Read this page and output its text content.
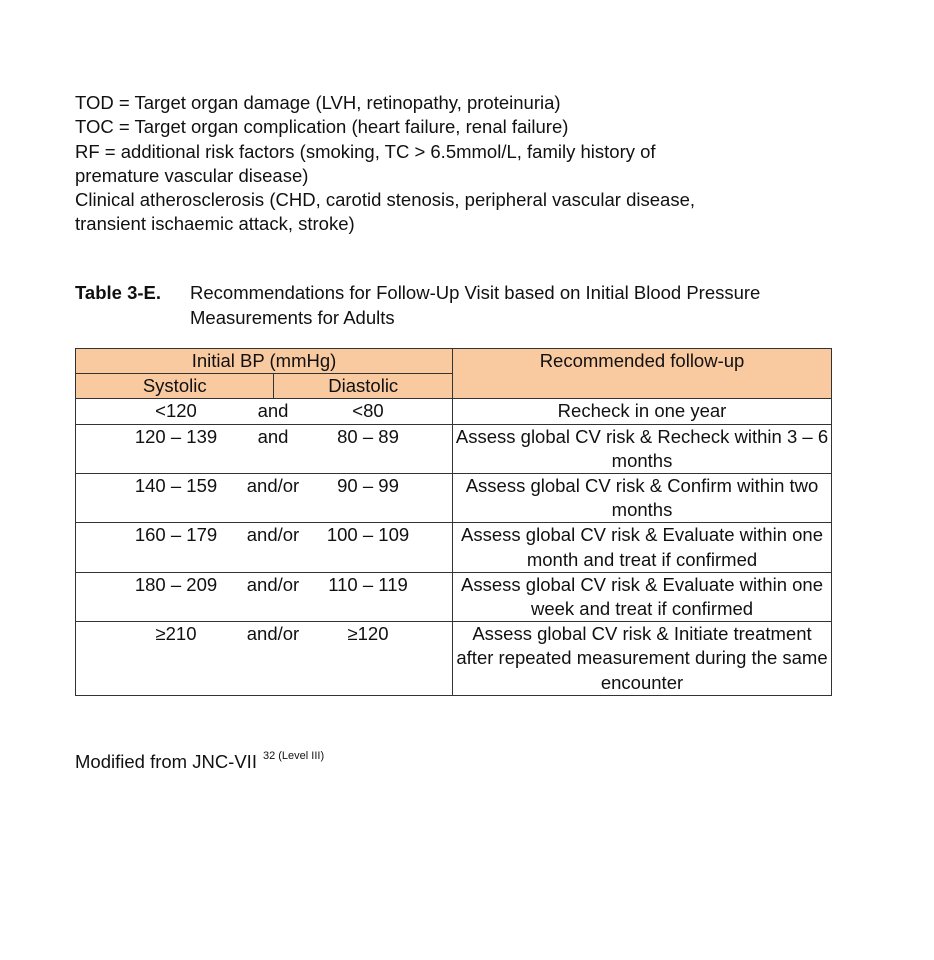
TOD = Target organ damage (LVH, retinopathy, proteinuria)
TOC = Target organ complication (heart failure, renal failure)
RF = additional risk factors (smoking, TC > 6.5mmol/L, family history of
premature vascular disease)
Clinical atherosclerosis (CHD, carotid stenosis, peripheral vascular disease,
transient ischaemic attack, stroke)
Table 3-E. Recommendations for Follow-Up Visit based on Initial Blood Pressure Measurements for Adults
Initial BP (mmHg)		Recommended follow-up
Systolic	Diastolic	

<120 and <80		Recheck in one year

120 – 139 and 80 – 89		Assess global CV risk & Recheck within 3 – 6 months

140 – 159 and/or 90 – 99		Assess global CV risk & Confirm within two months

160 – 179 and/or 100 – 109		Assess global CV risk & Evaluate within one month and treat if confirmed

180 – 209 and/or 110 – 119		Assess global CV risk & Evaluate within one week and treat if confirmed

≥210 and/or ≥120		Assess global CV risk & Initiate treatment after repeated measurement during the same encounter
Modified from JNC-VII $^{32 (Level III)}$
